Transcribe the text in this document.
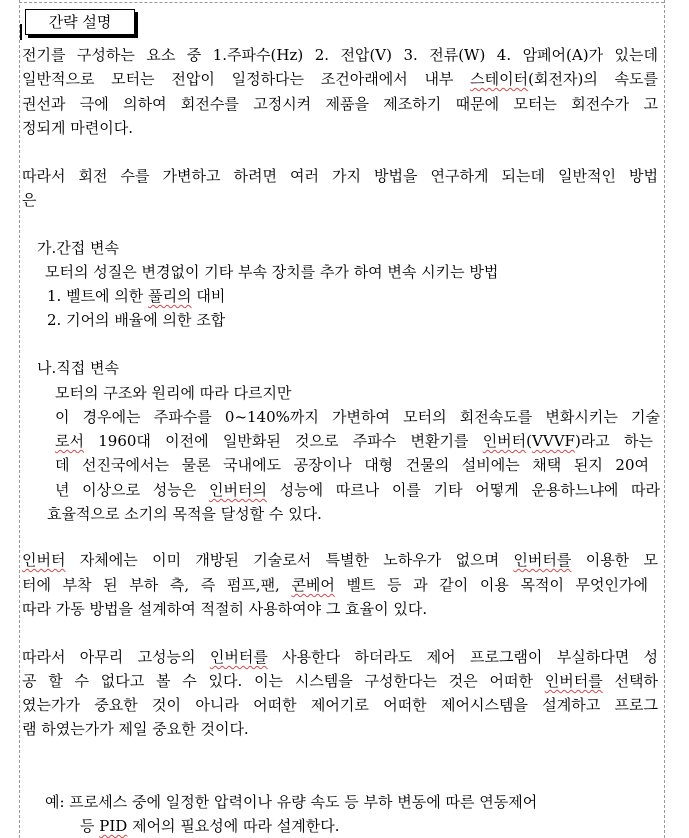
간략 설명
전기를 구성하는 요소 중 1.주파수(Hz) 2. 전압(V) 3. 전류(W) 4. 암페어(A)가 있는데
일반적으로 모터는 전압이 일정하다는 조건아래에서 내부 스테이터(회전자)의 속도를
권선과 극에 의하여 회전수를 고정시켜 제품을 제조하기 때문에 모터는 회전수가 고
정되게 마련이다.
따라서 회전 수를 가변하고 하려면 여러 가지 방법을 연구하게 되는데 일반적인 방법
은
가.간접 변속
모터의 성질은 변경없이 기타 부속 장치를 추가 하여 변속 시키는 방법
1. 벨트에 의한 풀리의 대비
2. 기어의 배율에 의한 조합
나.직접 변속
모터의 구조와 원리에 따라 다르지만
이 경우에는 주파수를 0~140%까지 가변하여 모터의 회전속도를 변화시키는 기술
로서 1960대 이전에 일반화된 것으로 주파수 변환기를 인버터(VVVF)라고 하는
데 선진국에서는 물론 국내에도 공장이나 대형 건물의 설비에는 채택 된지 20여
년 이상으로 성능은 인버터의 성능에 따르나 이를 기타 어떻게 운용하느냐에 따라
효율적으로 소기의 목적을 달성할 수 있다.
인버터 자체에는 이미 개방된 기술로서 특별한 노하우가 없으며 인버터를 이용한 모
터에 부착 된 부하 측, 즉 펌프,팬, 콘베어 벨트 등 과 같이 이용 목적이 무엇인가에
따라 가동 방법을 설계하여 적절히 사용하여야 그 효율이 있다.
따라서 아무리 고성능의 인버터를 사용한다 하더라도 제어 프로그램이 부실하다면 성
공 할 수 없다고 볼 수 있다. 이는 시스템을 구성한다는 것은 어떠한 인버터를 선택하
였는가가 중요한 것이 아니라 어떠한 제어기로 어떠한 제어시스템을 설계하고 프로그
램 하였는가가 제일 중요한 것이다.
예: 프로세스 중에 일정한 압력이나 유량 속도 등 부하 변동에 따른 연동제어
등 PID 제어의 필요성에 따라 설계한다.
